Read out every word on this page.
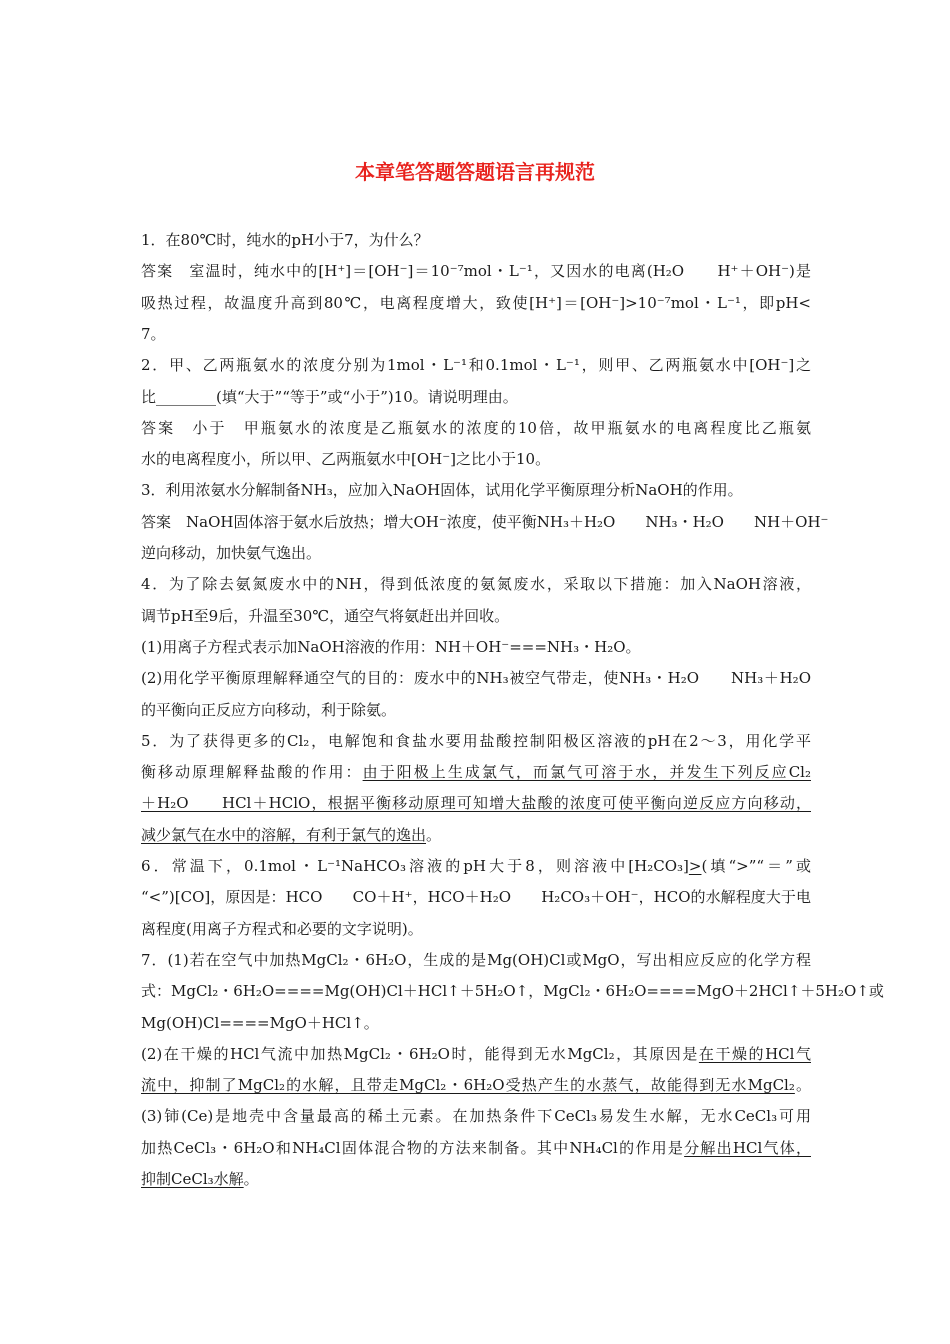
本章笔答题答题语言再规范
1．在80℃时，纯水的pH小于7，为什么？
答案　室温时，纯水中的[H⁺]＝[OH⁻]＝10⁻⁷mol・L⁻¹，又因水的电离(H₂O　　H⁺＋OH⁻)是
吸热过程，故温度升高到80℃，电离程度增大，致使[H⁺]＝[OH⁻]>10⁻⁷mol・L⁻¹，即pH<
7。
2．甲、乙两瓶氨水的浓度分别为1mol・L⁻¹和0.1mol・L⁻¹，则甲、乙两瓶氨水中[OH⁻]之
比________(填“大于”“等于”或“小于”)10。请说明理由。
答案　小于　甲瓶氨水的浓度是乙瓶氨水的浓度的10倍，故甲瓶氨水的电离程度比乙瓶氨
水的电离程度小，所以甲、乙两瓶氨水中[OH⁻]之比小于10。
3．利用浓氨水分解制备NH₃，应加入NaOH固体，试用化学平衡原理分析NaOH的作用。
答案　NaOH固体溶于氨水后放热；增大OH⁻浓度，使平衡NH₃＋H₂O　　NH₃・H₂O　　NH＋OH⁻
逆向移动，加快氨气逸出。
4．为了除去氨氮废水中的NH，得到低浓度的氨氮废水，采取以下措施：加入NaOH溶液，
调节pH至9后，升温至30℃，通空气将氨赶出并回收。
(1)用离子方程式表示加NaOH溶液的作用：NH＋OH⁻===NH₃・H₂O。
(2)用化学平衡原理解释通空气的目的：废水中的NH₃被空气带走，使NH₃・H₂O　　NH₃＋H₂O
的平衡向正反应方向移动，利于除氨。
5．为了获得更多的Cl₂，电解饱和食盐水要用盐酸控制阳极区溶液的pH在2～3，用化学平
衡移动原理解释盐酸的作用：由于阳极上生成氯气，而氯气可溶于水，并发生下列反应Cl₂
＋H₂O　　HCl＋HClO，根据平衡移动原理可知增大盐酸的浓度可使平衡向逆反应方向移动，
减少氯气在水中的溶解，有利于氯气的逸出。
6．常温下，0.1mol・L⁻¹NaHCO₃溶液的pH大于8，则溶液中[H₂CO₃]>(填“>”“＝”或
“<”)[CO]，原因是：HCO　　CO＋H⁺，HCO＋H₂O　　H₂CO₃＋OH⁻，HCO的水解程度大于电
离程度(用离子方程式和必要的文字说明)。
7．(1)若在空气中加热MgCl₂・6H₂O，生成的是Mg(OH)Cl或MgO，写出相应反应的化学方程
式：MgCl₂・6H₂O====Mg(OH)Cl＋HCl↑＋5H₂O↑，MgCl₂・6H₂O====MgO＋2HCl↑＋5H₂O↑或
Mg(OH)Cl====MgO＋HCl↑。
(2)在干燥的HCl气流中加热MgCl₂・6H₂O时，能得到无水MgCl₂，其原因是在干燥的HCl气
流中，抑制了MgCl₂的水解，且带走MgCl₂・6H₂O受热产生的水蒸气，故能得到无水MgCl₂。
(3)铈(Ce)是地壳中含量最高的稀土元素。在加热条件下CeCl₃易发生水解，无水CeCl₃可用
加热CeCl₃・6H₂O和NH₄Cl固体混合物的方法来制备。其中NH₄Cl的作用是分解出HCl气体，
抑制CeCl₃水解。
